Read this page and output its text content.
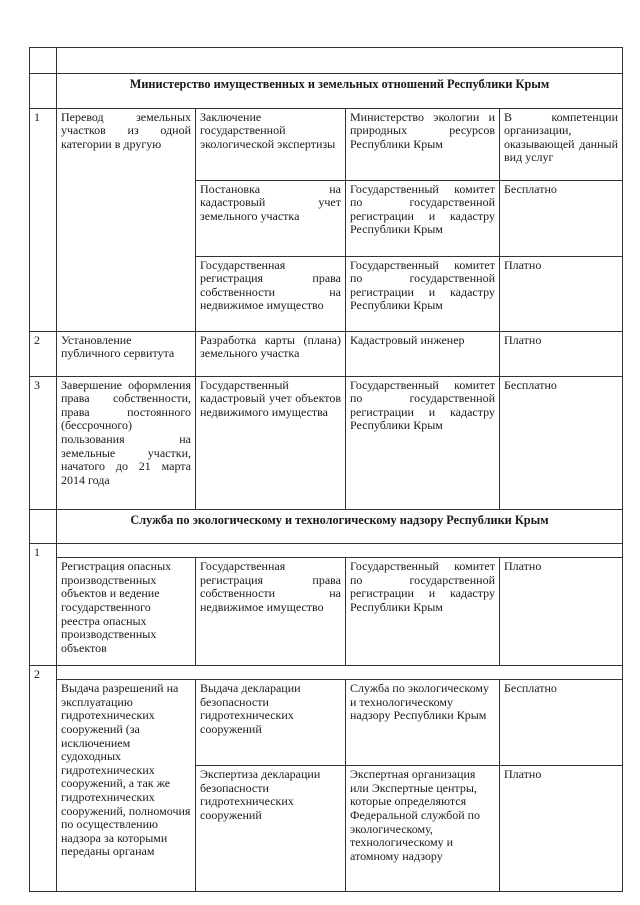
	Министерство имущественных и земельных отношений Республики Крым			
1	Перевод земельных участков из одной категории в другую	Заключение государственной экологической экспертизы	Министерство экологии и природных ресурсов Республики Крым	В компетенции организации, оказывающей данный вид услуг
		Постановка на кадастровый учет земельного участка	Государственный комитет по государственной регистрации и кадастру Республики Крым	Бесплатно
		Государственная регистрация права собственности на недвижимое имущество	Государственный комитет по государственной регистрации и кадастру Республики Крым	Платно
2	Установление публичного сервитута	Разработка карты (плана) земельного участка	Кадастровый инженер	Платно
3	Завершение оформления права собственности, права постоянного (бессрочного) пользования на земельные участки, начатого до 21 марта 2014 года	Государственный кадастровый учет объектов недвижимого имущества	Государственный комитет по государственной регистрации и кадастру Республики Крым	Бесплатно
	Служба по экологическому и технологическому надзору Республики Крым			
1				
	Регистрация опасных производственных объектов и ведение государственного реестра опасных производственных объектов	Государственная регистрация права собственности на недвижимое имущество	Государственный комитет по государственной регистрации и кадастру Республики Крым	Платно
2				
	Выдача разрешений на эксплуатацию гидротехнических сооружений (за исключением судоходных гидротехнических сооружений, а так же гидротехнических сооружений, полномочия по осуществлению надзора за которыми переданы органам	Выдача декларации безопасности гидротехнических сооружений	Служба по экологическому и технологическому надзору Республики Крым	Бесплатно
		Экспертиза декларации безопасности гидротехнических сооружений	Экспертная организация или Экспертные центры, которые определяются Федеральной службой по экологическому, технологическому и атомному надзору	Платно
